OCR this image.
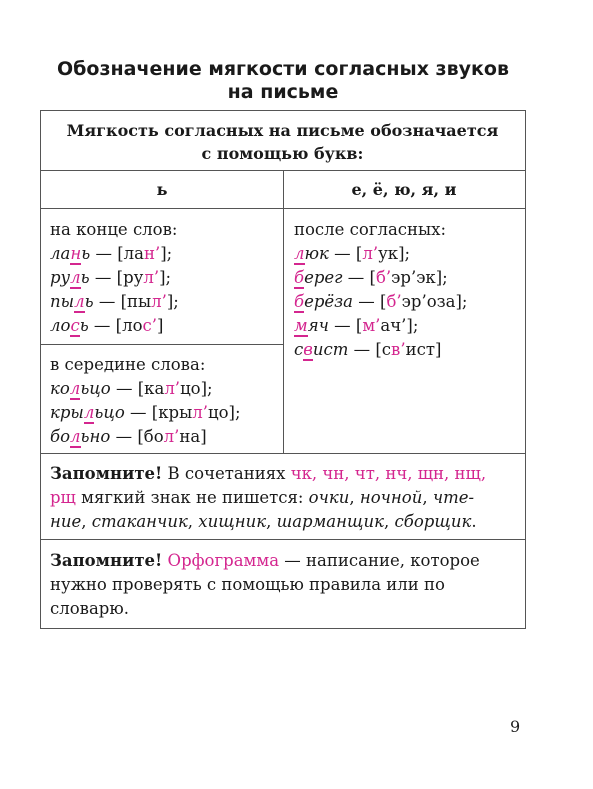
Обозначение мягкости согласных звуков
на письме
Мягкость согласных на письме обозначается
с помощью букв:
ь	е, ё, ю, я, и
на конце слов:
лань — [лан’];
руль — [рул’];
пыль — [пыл’];
лось — [лос’]
в середине слова:
кольцо — [кал’цо];
крыльцо — [крыл’цо];
больно — [бол’на]
после согласных:
люк — [л’ук];
берег — [б’эр’эк];
берёза — [б’эр’оза];
мяч — [м’ач’];
свист — [св’ист]
Запомните! В сочетаниях чк, чн, чт, нч, щн, нщ,
рщ мягкий знак не пишется: очки, ночной, чте-
ние, стаканчик, хищник, шарманщик, сборщик.
Запомните! Орфограмма — написание, которое
нужно проверять с помощью правила или по
словарю.
9
